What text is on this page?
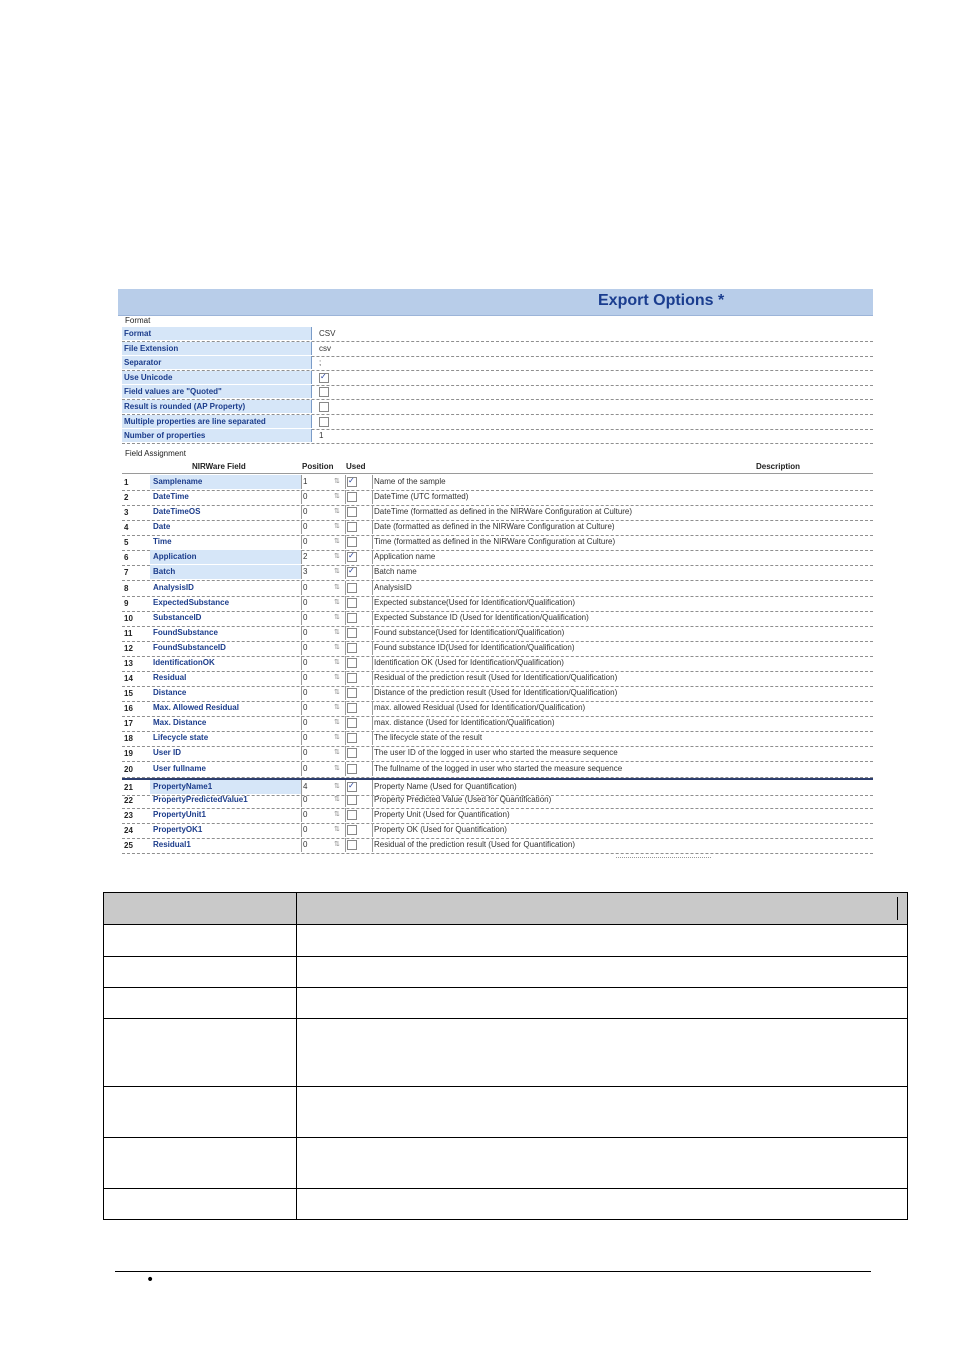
Export Options *
Format
Format	CSV
File Extension	csv
Separator	;
Use Unicode
✓
Field values are "Quoted"
Result is rounded (AP Property)
Multiple properties are line separated
Number of properties	1
Field Assignment
NIRWare Field	Position Used	Description
1	Samplename	1	⇅ ✓	Name of the sample
2	DateTime	0	⇅	DateTime (UTC formatted)
3	DateTimeOS	0	⇅	DateTime (formatted as defined in the NIRWare Configuration at Culture)
4	Date	0	⇅	Date (formatted as defined in the NIRWare Configuration at Culture)
5	Time	0	⇅	Time (formatted as defined in the NIRWare Configuration at Culture)
6	Application	2	⇅ ✓	Application name
7	Batch	3	⇅ ✓	Batch name
8	AnalysisID	0	⇅	AnalysisID
9	ExpectedSubstance	0	⇅	Expected substance(Used for Identification/Qualification)
10	SubstanceID	0	⇅	Expected Substance ID (Used for Identification/Qualification)
11	FoundSubstance	0	⇅	Found substance(Used for Identification/Qualification)
12	FoundSubstanceID	0	⇅	Found substance ID(Used for Identification/Qualification)
13	IdentificationOK	0	⇅	Identification OK (Used for Identification/Qualification)
14	Residual	0	⇅	Residual of the prediction result (Used for Identification/Qualification)
15	Distance	0	⇅	Distance of the prediction result (Used for Identification/Qualification)
16	Max. Allowed Residual	0	⇅	max. allowed Residual (Used for Identification/Qualification)
17	Max. Distance	0	⇅	max. distance (Used for Identification/Qualification)
18	Lifecycle state	0	⇅	The lifecycle state of the result
19	User ID	0	⇅	The user ID of the logged in user who started the measure sequence
20	User fullname	0	⇅	The fullname of the logged in user who started the measure sequence
21	PropertyName1	4	⇅ ✓	Property Name (Used for Quantification)
22	PropertyPredictedValue1	0	⇅	Property Predicted Value (Used for Quantification)
23	PropertyUnit1	0	⇅	Property Unit (Used for Quantification)
24	PropertyOK1	0	⇅	Property OK (Used for Quantification)
25	Residual1	0	⇅	Residual of the prediction result (Used for Quantification)
•
